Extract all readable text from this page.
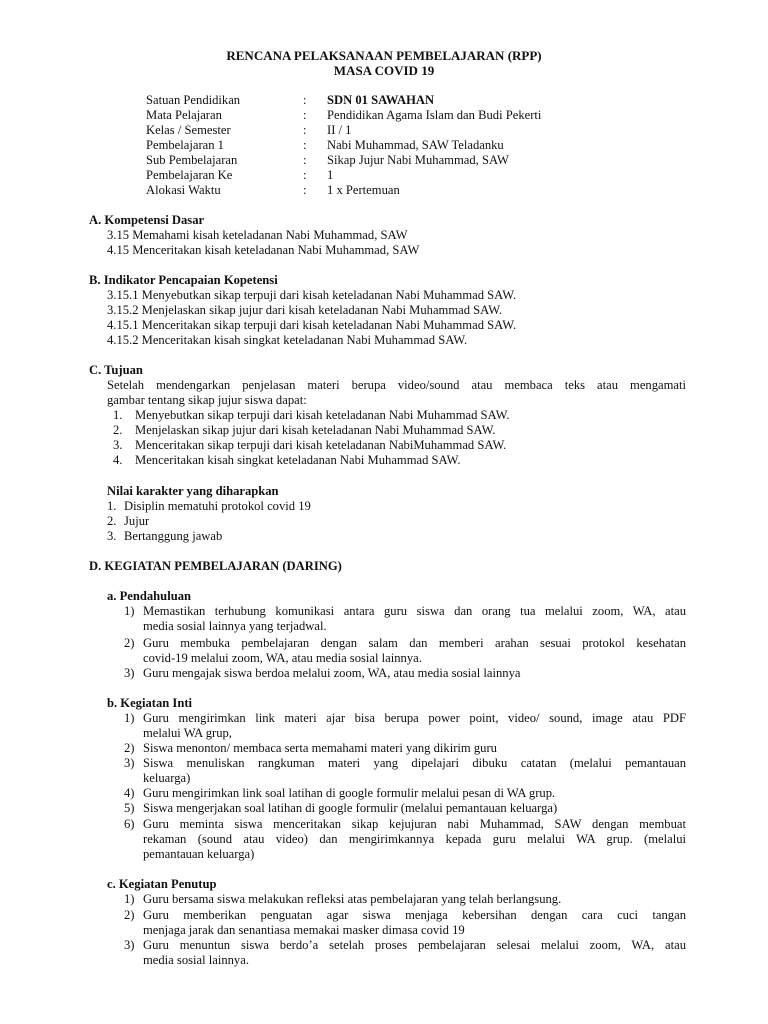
RENCANA PELAKSANAAN PEMBELAJARAN (RPP)
MASA COVID 19
Satuan Pendidikan	: SDN 01 SAWAHAN
Mata Pelajaran	: Pendidikan Agama Islam dan Budi Pekerti
Kelas / Semester	: II / 1
Pembelajaran 1	: Nabi Muhammad, SAW Teladanku
Sub Pembelajaran	: Sikap Jujur Nabi Muhammad, SAW
Pembelajaran Ke	: 1
Alokasi Waktu	: 1 x Pertemuan
A. Kompetensi Dasar
3.15 Memahami kisah keteladanan Nabi Muhammad, SAW
4.15 Menceritakan kisah keteladanan Nabi Muhammad, SAW
B. Indikator Pencapaian Kopetensi
3.15.1 Menyebutkan sikap terpuji dari kisah keteladanan Nabi Muhammad SAW.
3.15.2 Menjelaskan sikap jujur dari kisah keteladanan Nabi Muhammad SAW.
4.15.1 Menceritakan sikap terpuji dari kisah keteladanan Nabi Muhammad SAW.
4.15.2 Menceritakan kisah singkat keteladanan Nabi Muhammad SAW.
C. Tujuan
Setelah mendengarkan penjelasan materi berupa video/sound atau membaca teks atau mengamati
gambar tentang sikap jujur siswa dapat:
1. Menyebutkan sikap terpuji dari kisah keteladanan Nabi Muhammad SAW.
2. Menjelaskan sikap jujur dari kisah keteladanan Nabi Muhammad SAW.
3. Menceritakan sikap terpuji dari kisah keteladanan NabiMuhammad SAW.
4. Menceritakan kisah singkat keteladanan Nabi Muhammad SAW.
Nilai karakter yang diharapkan
1. Disiplin mematuhi protokol covid 19
2. Jujur
3. Bertanggung jawab
D. KEGIATAN PEMBELAJARAN (DARING)
a. Pendahuluan
1) Memastikan terhubung komunikasi antara guru siswa dan orang tua melalui zoom, WA, atau
media sosial lainnya yang terjadwal.
2) Guru membuka pembelajaran dengan salam dan memberi arahan sesuai protokol kesehatan
covid-19 melalui zoom, WA, atau media sosial lainnya.
3) Guru mengajak siswa berdoa melalui zoom, WA, atau media sosial lainnya
b. Kegiatan Inti
1) Guru mengirimkan link materi ajar bisa berupa power point, video/ sound, image atau PDF
melalui WA grup,
2) Siswa menonton/ membaca serta memahami materi yang dikirim guru
3) Siswa menuliskan rangkuman materi yang dipelajari dibuku catatan (melalui pemantauan
keluarga)
4) Guru mengirimkan link soal latihan di google formulir melalui pesan di WA grup.
5) Siswa mengerjakan soal latihan di google formulir (melalui pemantauan keluarga)
6) Guru meminta siswa menceritakan sikap kejujuran nabi Muhammad, SAW dengan membuat
rekaman (sound atau video) dan mengirimkannya kepada guru melalui WA grup. (melalui
pemantauan keluarga)
c. Kegiatan Penutup
1) Guru bersama siswa melakukan refleksi atas pembelajaran yang telah berlangsung.
2) Guru memberikan penguatan agar siswa menjaga kebersihan dengan cara cuci tangan
menjaga jarak dan senantiasa memakai masker dimasa covid 19
3) Guru menuntun siswa berdo’a setelah proses pembelajaran selesai melalui zoom, WA, atau
media sosial lainnya.
